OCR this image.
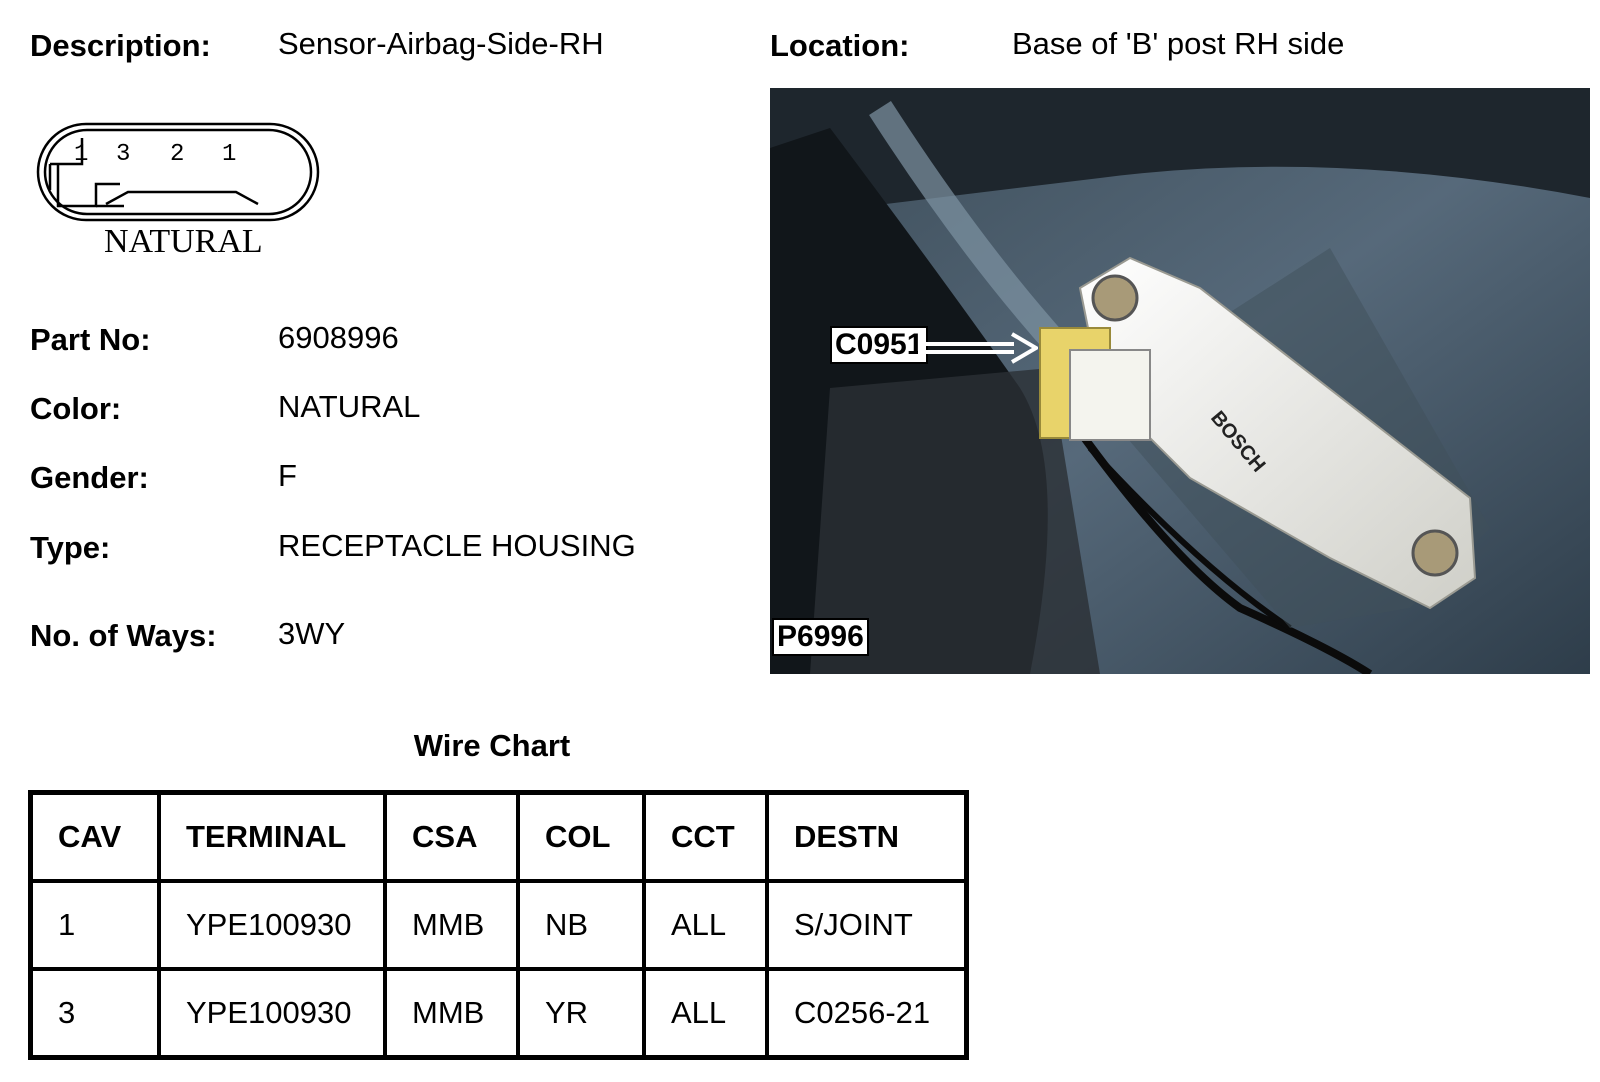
Description: Sensor-Airbag-Side-RH	Location:	Base of 'B' post RH side
1 3 2 1
NATURAL
Part No:	6908996
Color:	NATURAL
Gender:	F
Type:	RECEPTACLE HOUSING
No. of Ways: 3WY
BOSCH
C0951
P6996
Wire Chart
CAV	TERMINAL	CSA	COL	CCT	DESTN
1	YPE100930	MMB	NB	ALL	S/JOINT
3	YPE100930	MMB	YR	ALL	C0256-21
